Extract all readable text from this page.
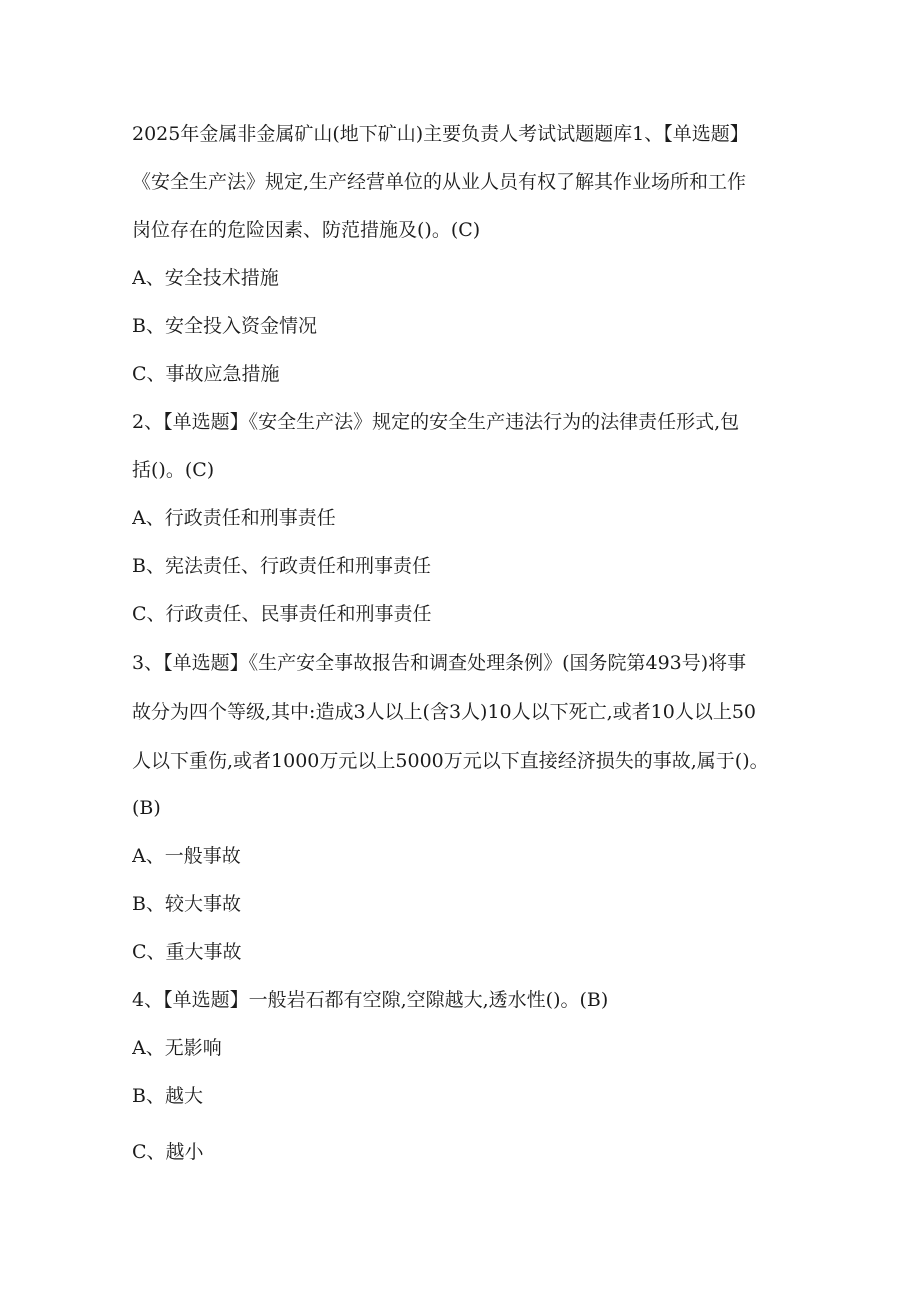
2025年金属非金属矿山(地下矿山)主要负责人考试试题题库1、【单选题】
《安全生产法》规定,生产经营单位的从业人员有权了解其作业场所和工作
岗位存在的危险因素、防范措施及()。(C)
A、安全技术措施
B、安全投入资金情况
C、事故应急措施
2、【单选题】《安全生产法》规定的安全生产违法行为的法律责任形式,包
括()。(C)
A、行政责任和刑事责任
B、宪法责任、行政责任和刑事责任
C、行政责任、民事责任和刑事责任
3、【单选题】《生产安全事故报告和调查处理条例》(国务院第493号)将事
故分为四个等级,其中:造成3人以上(含3人)10人以下死亡,或者10人以上50
人以下重伤,或者1000万元以上5000万元以下直接经济损失的事故,属于()。
(B)
A、一般事故
B、较大事故
C、重大事故
4、【单选题】一般岩石都有空隙,空隙越大,透水性()。(B)
A、无影响
B、越大
C、越小
